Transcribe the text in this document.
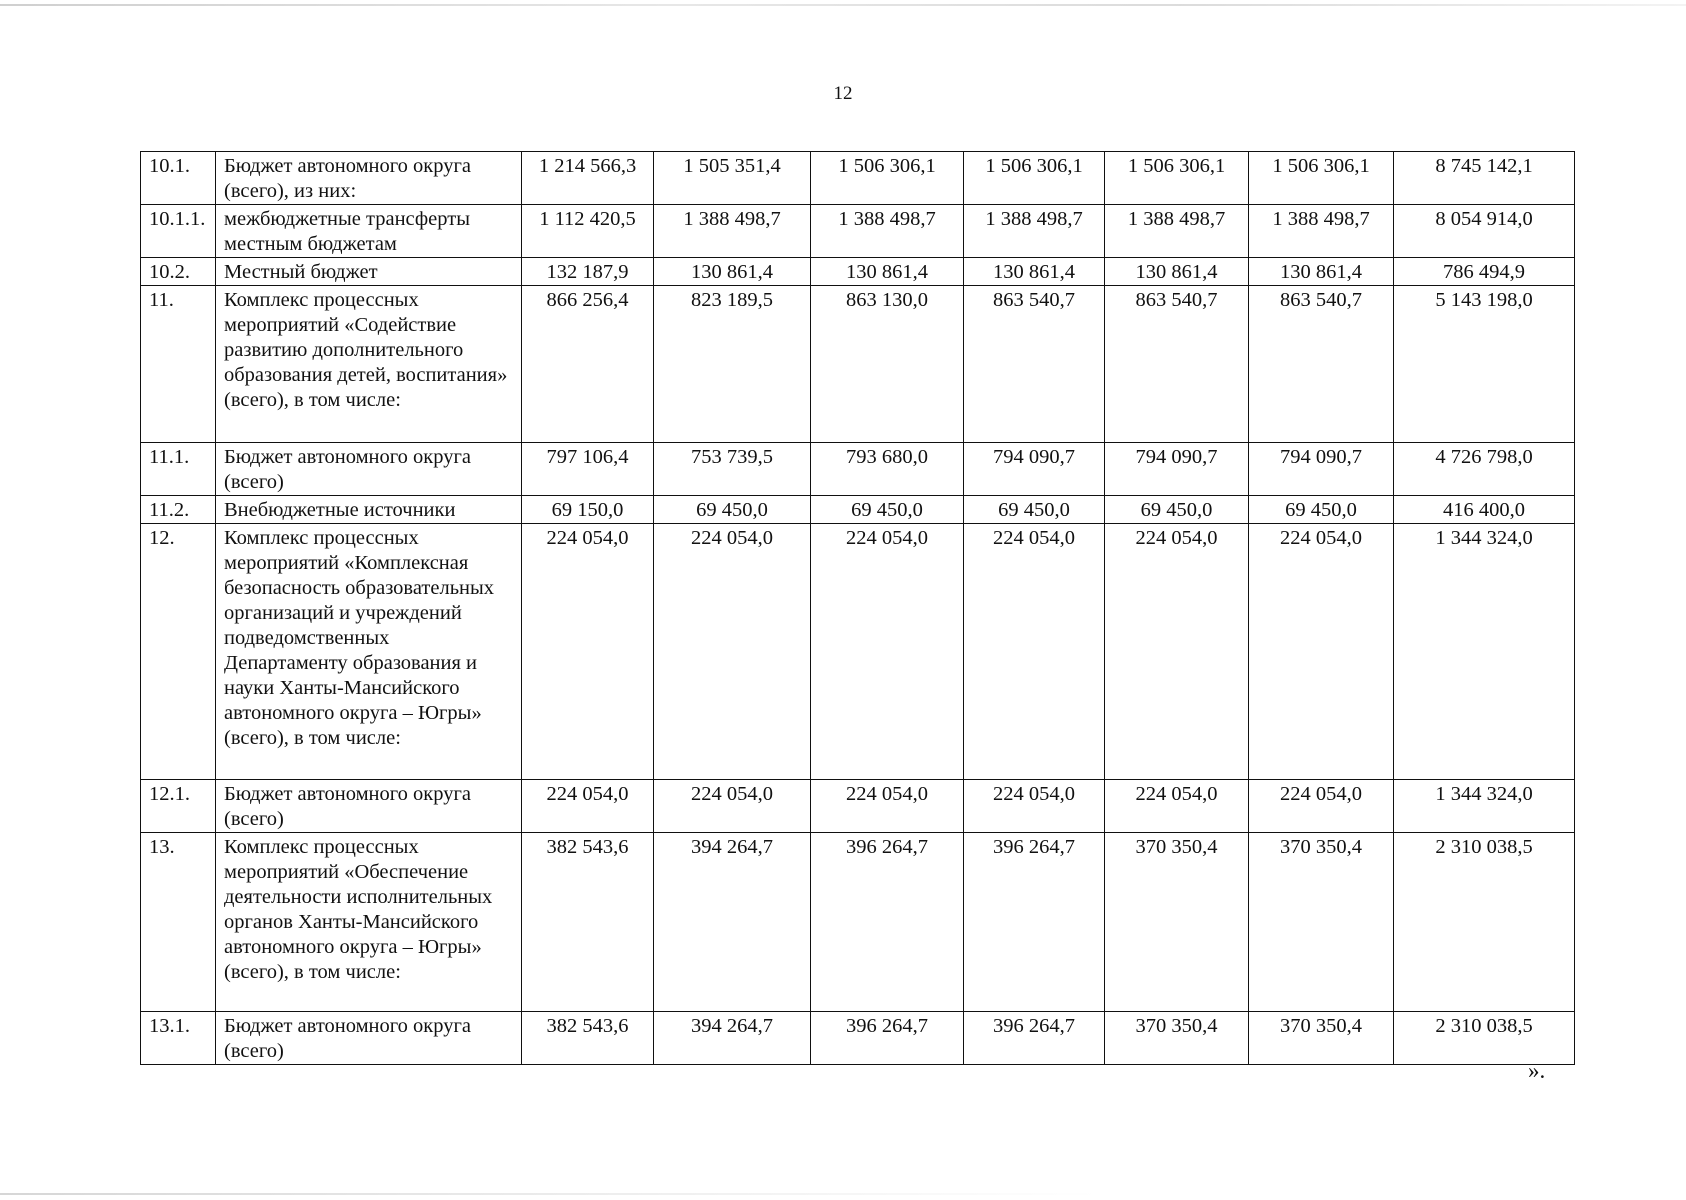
12
10.1.	Бюджет автономного округа (всего), из них:	1 214 566,3	1 505 351,4	1 506 306,1	1 506 306,1	1 506 306,1	1 506 306,1	8 745 142,1
10.1.1.	межбюджетные трансферты местным бюджетам	1 112 420,5	1 388 498,7	1 388 498,7	1 388 498,7	1 388 498,7	1 388 498,7	8 054 914,0
10.2.	Местный бюджет	132 187,9	130 861,4	130 861,4	130 861,4	130 861,4	130 861,4	786 494,9
11.	Комплекс процессных мероприятий «Содействие развитию дополнительного образования детей, воспитания» (всего), в том числе:	866 256,4	823 189,5	863 130,0	863 540,7	863 540,7	863 540,7	5 143 198,0
11.1.	Бюджет автономного округа (всего)	797 106,4	753 739,5	793 680,0	794 090,7	794 090,7	794 090,7	4 726 798,0
11.2.	Внебюджетные источники	69 150,0	69 450,0	69 450,0	69 450,0	69 450,0	69 450,0	416 400,0
12.	Комплекс процессных мероприятий «Комплексная безопасность образовательных организаций и учреждений подведомственных Департаменту образования и науки Ханты-Мансийского автономного округа – Югры» (всего), в том числе:	224 054,0	224 054,0	224 054,0	224 054,0	224 054,0	224 054,0	1 344 324,0
12.1.	Бюджет автономного округа (всего)	224 054,0	224 054,0	224 054,0	224 054,0	224 054,0	224 054,0	1 344 324,0
13.	Комплекс процессных мероприятий «Обеспечение деятельности исполнительных органов Ханты-Мансийского автономного округа – Югры» (всего), в том числе:	382 543,6	394 264,7	396 264,7	396 264,7	370 350,4	370 350,4	2 310 038,5
13.1.	Бюджет автономного округа (всего)	382 543,6	394 264,7	396 264,7	396 264,7	370 350,4	370 350,4	2 310 038,5
».
